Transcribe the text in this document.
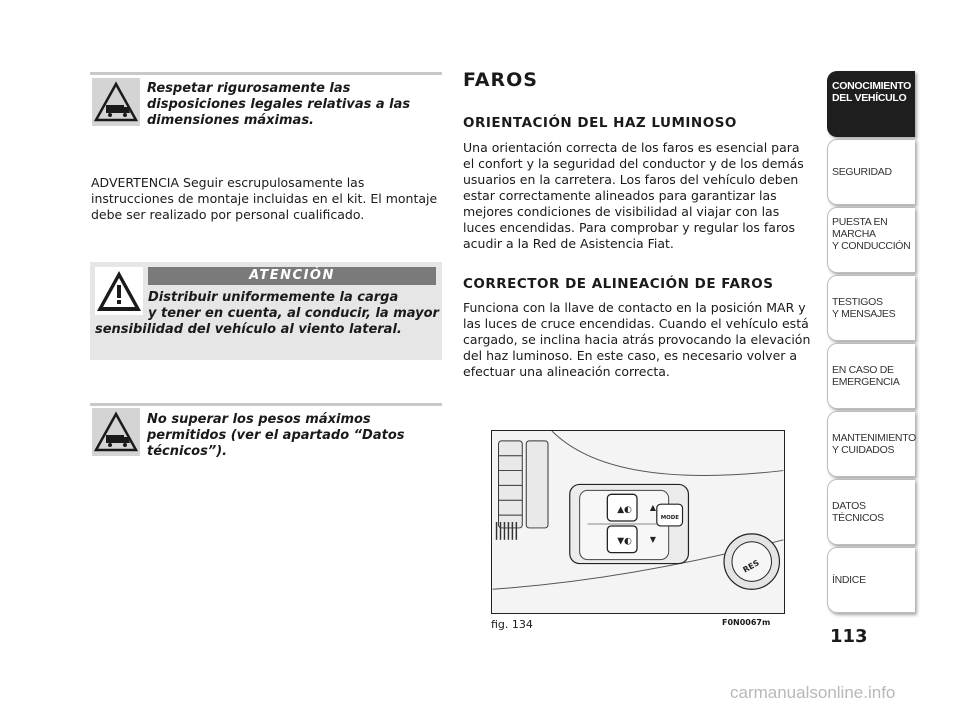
Respetar rigurosamente las disposiciones legales relativas a las dimensiones máximas.
ADVERTENCIA Seguir escrupulosamente las instrucciones de montaje incluidas en el kit. El montaje debe ser realizado por personal cualificado.
ATENCIÓN
Distribuir uniformemente la carga
y tener en cuenta, al conducir, la mayor
sensibilidad del vehículo al viento lateral.
No superar los pesos máximos permitidos (ver el apartado “Datos técnicos”).
FAROS
ORIENTACIÓN DEL HAZ LUMINOSO
Una orientación correcta de los faros es esencial para el confort y la seguridad del conductor y de los demás usuarios en la carretera. Los faros del vehículo deben estar correctamente alineados para garantizar las mejores condiciones de visibilidad al viajar con las luces encendidas. Para comprobar y regular los faros acudir a la Red de Asistencia Fiat.
CORRECTOR DE ALINEACIÓN DE FAROS
Funciona con la llave de contacto en la posición MAR y las luces de cruce encendidas. Cuando el vehículo está cargado, se inclina hacia atrás provocando la elevación del haz luminoso. En este caso, es necesario volver a efectuar una alineación correcta.
▲◐ ▲
▼◐ ▼
MODE
RES
fig. 134	F0N0067m
CONOCIMIENTO
DEL VEHÍCULO
SEGURIDAD
PUESTA EN
MARCHA
Y CONDUCCIÓN
TESTIGOS
Y MENSAJES
EN CASO DE
EMERGENCIA
MANTENIMIENTO
Y CUIDADOS
DATOS
TÉCNICOS
ÍNDICE
113
carmanualsonline.info
